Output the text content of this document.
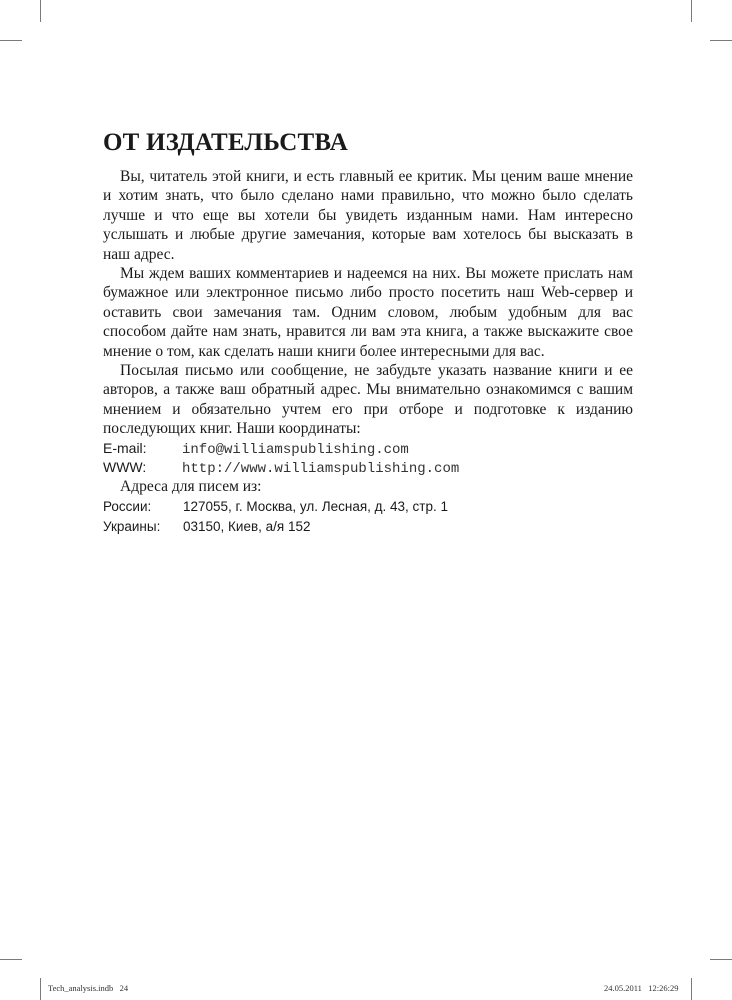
ОТ ИЗДАТЕЛЬСТВА

Вы, читатель этой книги, и есть главный ее критик. Мы ценим ваше мнение и хотим знать, что было сделано нами правильно, что можно было сделать лучше и что еще вы хотели бы увидеть изданным нами. Нам интересно услышать и любые другие замечания, которые вам хотелось бы высказать в наш адрес.

Мы ждем ваших комментариев и надеемся на них. Вы можете прислать нам бумажное или электронное письмо либо просто посетить наш Web-сервер и оставить свои замечания там. Одним словом, любым удобным для вас способом дайте нам знать, нравится ли вам эта книга, а также выскажите свое мнение о том, как сделать наши книги более интересными для вас.

Посылая письмо или сообщение, не забудьте указать название книги и ее авторов, а также ваш обратный адрес. Мы внимательно ознакомимся с вашим мнением и обязательно учтем его при отборе и подготовке к изданию последующих книг. Наши координаты:

E-mail:	info@williamspublishing.com
WWW:	http://www.williamspublishing.com
Адреса для писем из:
России:	127055, г. Москва, ул. Лесная, д. 43, стр. 1
Украины:	03150, Киев, а/я 152
Tech_analysis.indb   24	24.05.2011   12:26:29
